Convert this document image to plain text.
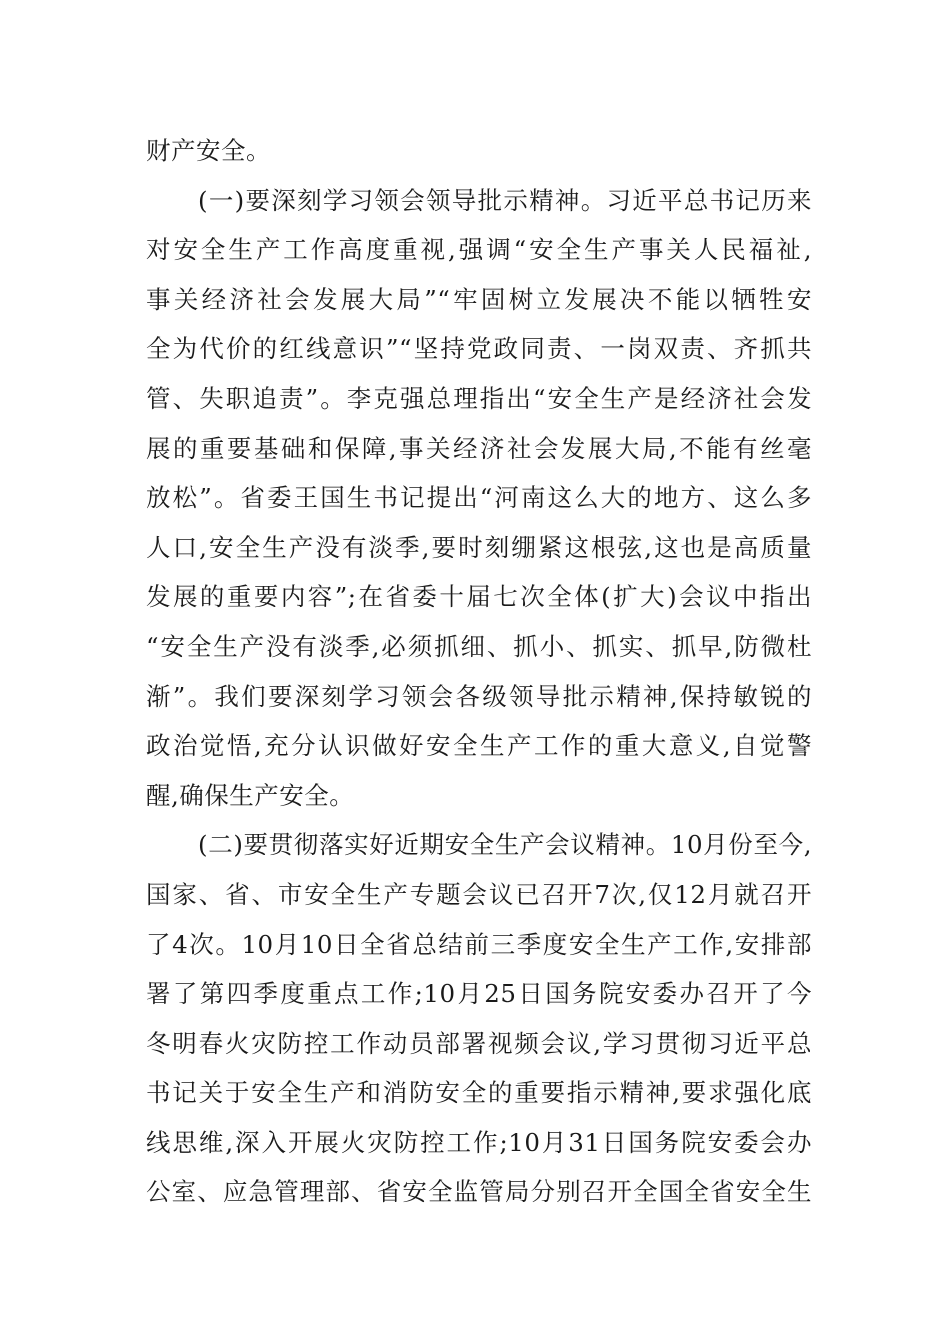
财产安全。
(一)要深刻学习领会领导批示精神。习近平总书记历来
对安全生产工作高度重视,强调“安全生产事关人民福祉,
事关经济社会发展大局”“牢固树立发展决不能以牺牲安
全为代价的红线意识”“坚持党政同责、一岗双责、齐抓共
管、失职追责”。李克强总理指出“安全生产是经济社会发
展的重要基础和保障,事关经济社会发展大局,不能有丝毫
放松”。省委王国生书记提出“河南这么大的地方、这么多
人口,安全生产没有淡季,要时刻绷紧这根弦,这也是高质量
发展的重要内容”;在省委十届七次全体(扩大)会议中指出
“安全生产没有淡季,必须抓细、抓小、抓实、抓早,防微杜
渐”。我们要深刻学习领会各级领导批示精神,保持敏锐的
政治觉悟,充分认识做好安全生产工作的重大意义,自觉警
醒,确保生产安全。
(二)要贯彻落实好近期安全生产会议精神。10月份至今,
国家、省、市安全生产专题会议已召开7次,仅12月就召开
了4次。10月10日全省总结前三季度安全生产工作,安排部
署了第四季度重点工作;10月25日国务院安委办召开了今
冬明春火灾防控工作动员部署视频会议,学习贯彻习近平总
书记关于安全生产和消防安全的重要指示精神,要求强化底
线思维,深入开展火灾防控工作;10月31日国务院安委会办
公室、应急管理部、省安全监管局分别召开全国全省安全生
